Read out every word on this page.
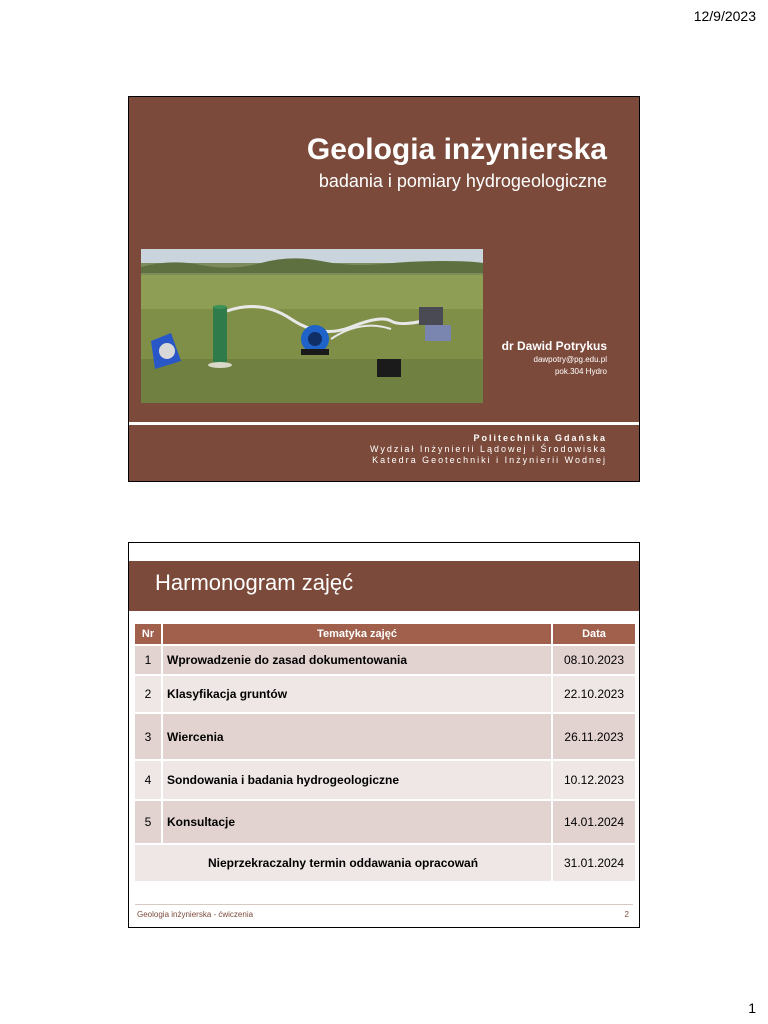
12/9/2023
Geologia inżynierska
badania i pomiary hydrogeologiczne
dr Dawid Potrykus
dawpotry@pg.edu.pl
pok.304 Hydro
Politechnika Gdańska
Wydział Inżynierii Lądowej i Środowiska
Katedra Geotechniki i Inżynierii Wodnej
Harmonogram zajęć
Nr	Tematyka zajęć	Data
1	Wprowadzenie do zasad dokumentowania	08.10.2023
2	Klasyfikacja gruntów	22.10.2023
3	Wiercenia	26.11.2023
4	Sondowania i badania hydrogeologiczne	10.12.2023
5	Konsultacje	14.01.2024
Nieprzekraczalny termin oddawania opracowań		31.01.2024
Geologia inżynierska - ćwiczenia	2
1
